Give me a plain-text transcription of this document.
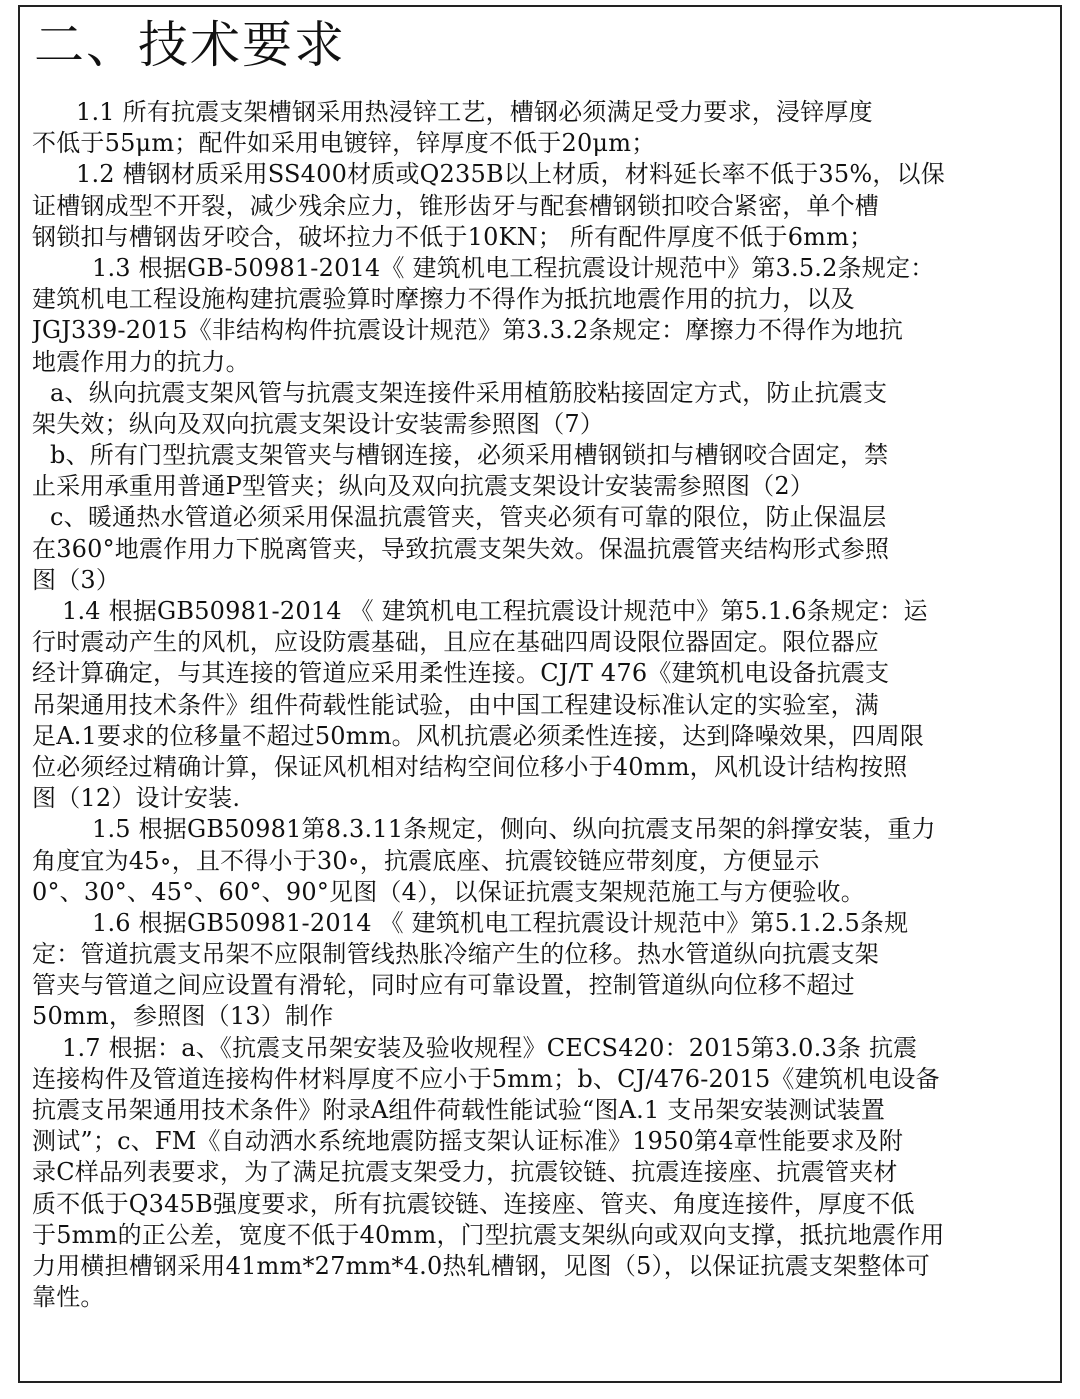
二、技术要求
1.1 所有抗震支架槽钢采用热浸锌工艺，槽钢必须满足受力要求，浸锌厚度
不低于55μm；配件如采用电镀锌，锌厚度不低于20μm；
1.2 槽钢材质采用SS400材质或Q235B以上材质，材料延长率不低于35%，以保
证槽钢成型不开裂，减少残余应力，锥形齿牙与配套槽钢锁扣咬合紧密，单个槽
钢锁扣与槽钢齿牙咬合，破坏拉力不低于10KN； 所有配件厚度不低于6mm；
1.3 根据GB-50981-2014《 建筑机电工程抗震设计规范中》第3.5.2条规定：
建筑机电工程设施构建抗震验算时摩擦力不得作为抵抗地震作用的抗力，以及
JGJ339-2015《非结构构件抗震设计规范》第3.3.2条规定：摩擦力不得作为地抗
地震作用力的抗力。
a、纵向抗震支架风管与抗震支架连接件采用植筋胶粘接固定方式，防止抗震支
架失效；纵向及双向抗震支架设计安装需参照图（7）
b、所有门型抗震支架管夹与槽钢连接，必须采用槽钢锁扣与槽钢咬合固定，禁
止采用承重用普通P型管夹；纵向及双向抗震支架设计安装需参照图（2）
c、暖通热水管道必须采用保温抗震管夹，管夹必须有可靠的限位，防止保温层
在360°地震作用力下脱离管夹，导致抗震支架失效。保温抗震管夹结构形式参照
图（3）
1.4 根据GB50981-2014 《 建筑机电工程抗震设计规范中》第5.1.6条规定：运
行时震动产生的风机，应设防震基础，且应在基础四周设限位器固定。限位器应
经计算确定，与其连接的管道应采用柔性连接。CJ/T 476《建筑机电设备抗震支
吊架通用技术条件》组件荷载性能试验，由中国工程建设标准认定的实验室，满
足A.1要求的位移量不超过50mm。风机抗震必须柔性连接，达到降噪效果，四周限
位必须经过精确计算，保证风机相对结构空间位移小于40mm，风机设计结构按照
图（12）设计安装.
1.5 根据GB50981第8.3.11条规定，侧向、纵向抗震支吊架的斜撑安装，重力
角度宜为45∘，且不得小于30∘，抗震底座、抗震铰链应带刻度，方便显示
0°、30°、45°、60°、90°见图（4），以保证抗震支架规范施工与方便验收。
1.6 根据GB50981-2014 《 建筑机电工程抗震设计规范中》第5.1.2.5条规
定：管道抗震支吊架不应限制管线热胀冷缩产生的位移。热水管道纵向抗震支架
管夹与管道之间应设置有滑轮，同时应有可靠设置，控制管道纵向位移不超过
50mm，参照图（13）制作
1.7 根据：a、《抗震支吊架安装及验收规程》CECS420：2015第3.0.3条 抗震
连接构件及管道连接构件材料厚度不应小于5mm；b、CJ/476-2015《建筑机电设备
抗震支吊架通用技术条件》附录A组件荷载性能试验“图A.1 支吊架安装测试装置
测试”；c、FM《自动洒水系统地震防摇支架认证标准》1950第4章性能要求及附
录C样品列表要求，为了满足抗震支架受力，抗震铰链、抗震连接座、抗震管夹材
质不低于Q345B强度要求，所有抗震铰链、连接座、管夹、角度连接件，厚度不低
于5mm的正公差，宽度不低于40mm，门型抗震支架纵向或双向支撑，抵抗地震作用
力用横担槽钢采用41mm*27mm*4.0热轧槽钢，见图（5），以保证抗震支架整体可
靠性。
